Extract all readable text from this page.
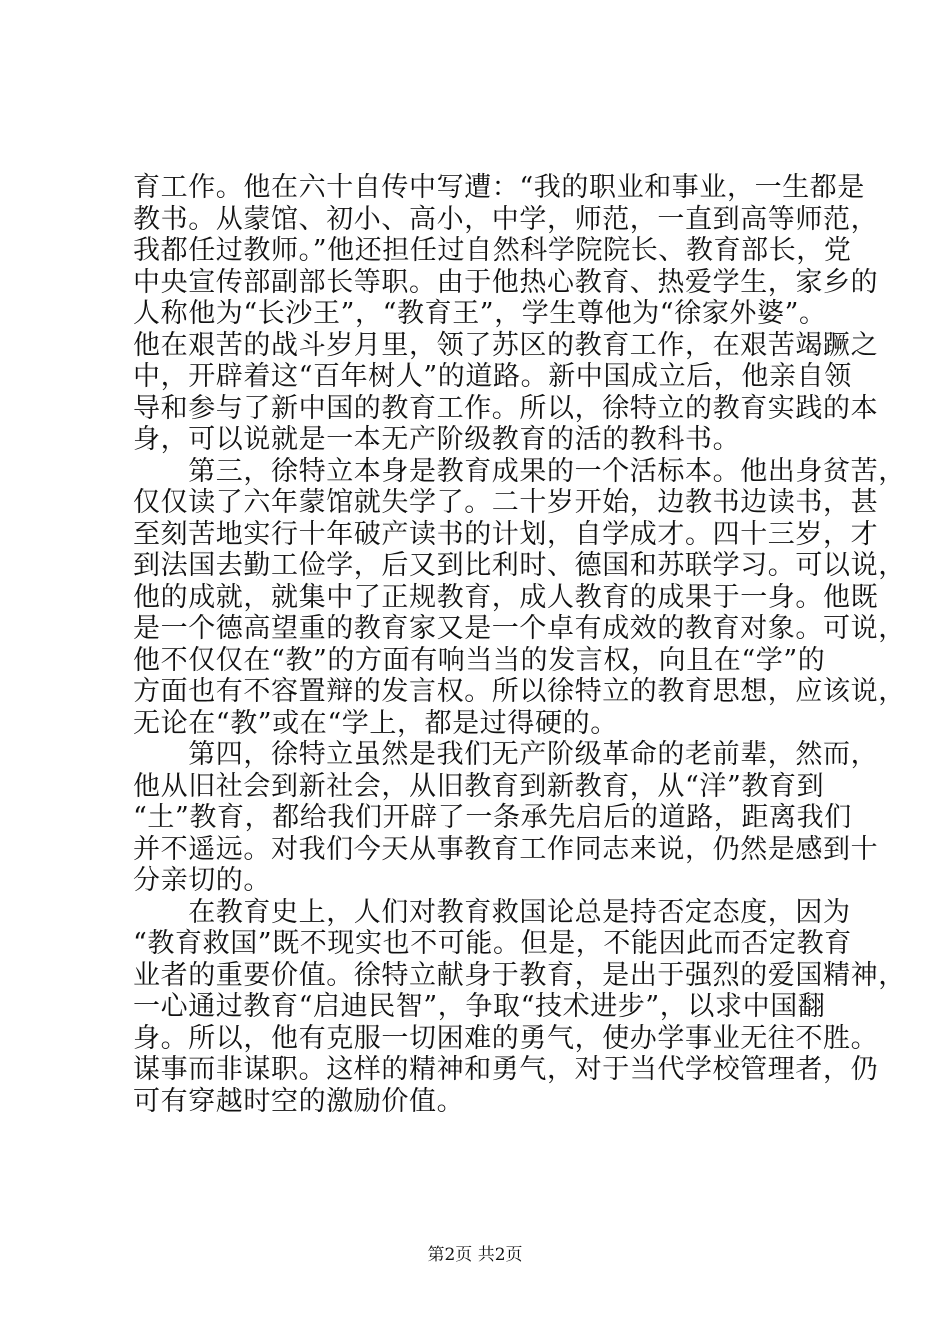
育工作。他在六十自传中写遭：“我的职业和事业，一生都是
教书。从蒙馆、初小、高小，中学，师范，一直到高等师范，
我都任过教师。”他还担任过自然科学院院长、教育部长，党
中央宣传部副部长等职。由于他热心教育、热爱学生，家乡的
人称他为“长沙王”，“教育王”，学生尊他为“徐家外婆”。
他在艰苦的战斗岁月里，领了苏区的教育工作，在艰苦竭蹶之
中，开辟着这“百年树人”的道路。新中国成立后，他亲自领
导和参与了新中国的教育工作。所以，徐特立的教育实践的本
身，可以说就是一本无产阶级教育的活的教科书。
　　第三，徐特立本身是教育成果的一个活标本。他出身贫苦，
仅仅读了六年蒙馆就失学了。二十岁开始，边教书边读书，甚
至刻苦地实行十年破产读书的计划，自学成才。四十三岁，才
到法国去勤工俭学，后又到比利时、德国和苏联学习。可以说，
他的成就，就集中了正规教育，成人教育的成果于一身。他既
是一个德高望重的教育家又是一个卓有成效的教育对象。可说，
他不仅仅在“教”的方面有响当当的发言权，向且在“学”的
方面也有不容置辩的发言权。所以徐特立的教育思想，应该说，
无论在“教”或在“学上，都是过得硬的。
　　第四，徐特立虽然是我们无产阶级革命的老前辈，然而，
他从旧社会到新社会，从旧教育到新教育，从“洋”教育到
“土”教育，都给我们开辟了一条承先启后的道路，距离我们
并不遥远。对我们今天从事教育工作同志来说，仍然是感到十
分亲切的。
　　在教育史上，人们对教育救国论总是持否定态度，因为
“教育救国”既不现实也不可能。但是，不能因此而否定教育
业者的重要价值。徐特立献身于教育，是出于强烈的爱国精神，
一心通过教育“启迪民智”，争取“技术进步”，以求中国翻
身。所以，他有克服一切困难的勇气，使办学事业无往不胜。
谋事而非谋职。这样的精神和勇气，对于当代学校管理者，仍
可有穿越时空的激励价值。
第2页 共2页
